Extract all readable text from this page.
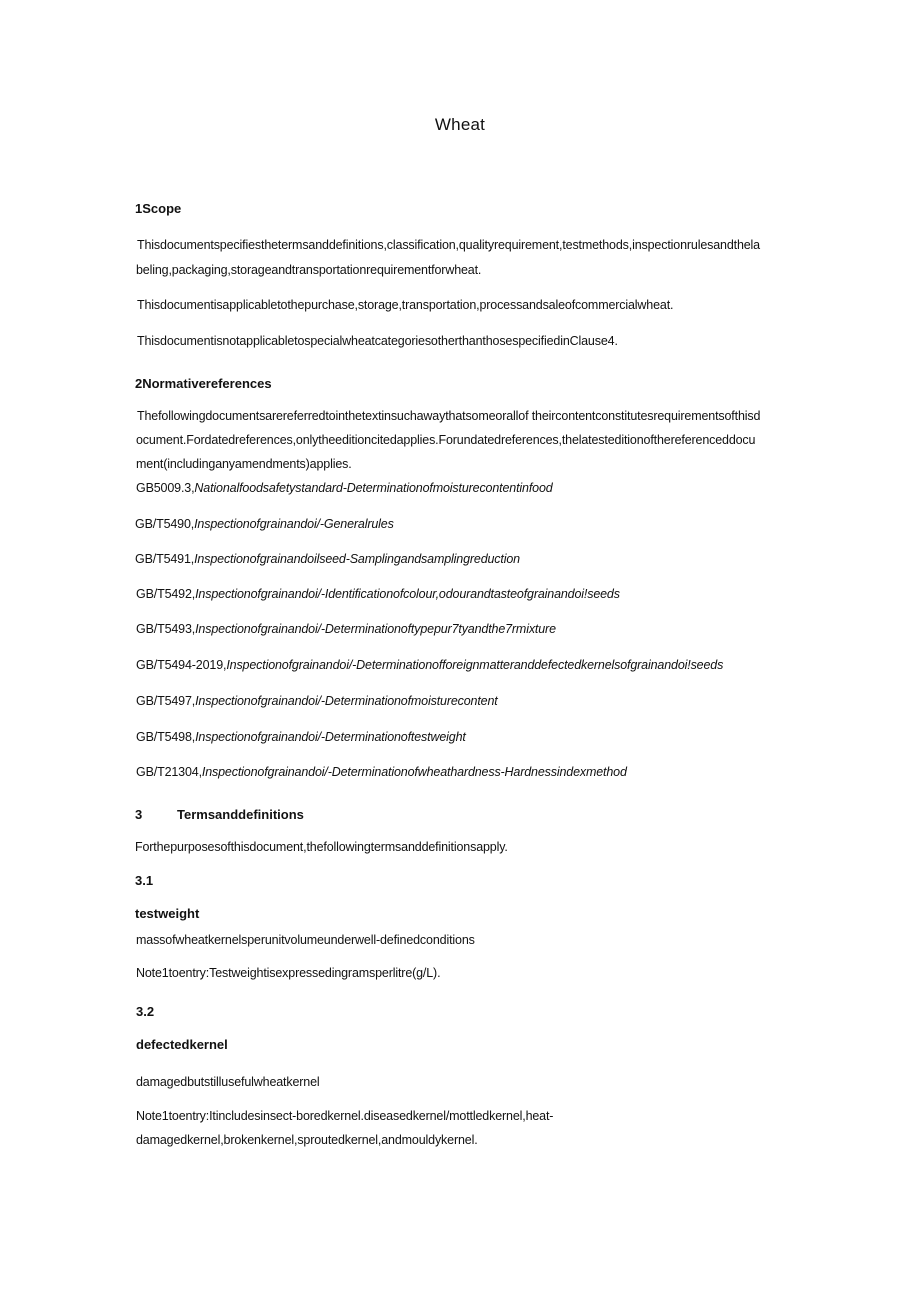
Wheat
1Scope
Thisdocumentspecifiesthetermsanddefinitions,classification,qualityrequirement,testmethods,inspectionrulesandthela
beling,packaging,storageandtransportationrequirementforwheat.
Thisdocumentisapplicabletothepurchase,storage,transportation,processandsaleofcommercialwheat.
ThisdocumentisnotapplicabletospecialwheatcategoriesotherthanthosespecifiedinClause4.
2Normativereferences
Thefollowingdocumentsarereferredtointhetextinsuchawaythatsomeorallof theircontentconstitutesrequirementsofthisd
ocument.Fordatedreferences,onlytheeditioncitedapplies.Forundatedreferences,thelatesteditionofthereferenceddocu
ment(includinganyamendments)applies.
GB5009.3,Nationalfoodsafetystandard-Determinationofmoisturecontentinfood
GB/T5490,Inspectionofgrainandoi/-Generalrules
GB/T5491,Inspectionofgrainandoilseed-Samplingandsamplingreduction
GB/T5492,Inspectionofgrainandoi/-Identificationofcolour,odourandtasteofgrainandoi!seeds
GB/T5493,Inspectionofgrainandoi/-Determinationoftypepur7tyandthe7rmixture
GB/T5494-2019,Inspectionofgrainandoi/-Determinationofforeignmatteranddefectedkernelsofgrainandoi!seeds
GB/T5497,Inspectionofgrainandoi/-Determinationofmoisturecontent
GB/T5498,Inspectionofgrainandoi/-Determinationoftestweight
GB/T21304,Inspectionofgrainandoi/-Determinationofwheathardness-Hardnessindexmethod
3	Termsanddefinitions
Forthepurposesofthisdocument,thefollowingtermsanddefinitionsapply.
3.1
testweight
massofwheatkernelsperunitvolumeunderwell-definedconditions
Note1toentry:Testweightisexpressedingramsperlitre(g/L).
3.2
defectedkernel
damagedbutstillusefulwheatkernel
Note1toentry:Itincludesinsect-boredkernel.diseasedkernel/mottledkernel,heat-
damagedkernel,brokenkernel,sproutedkernel,andmouldykernel.
